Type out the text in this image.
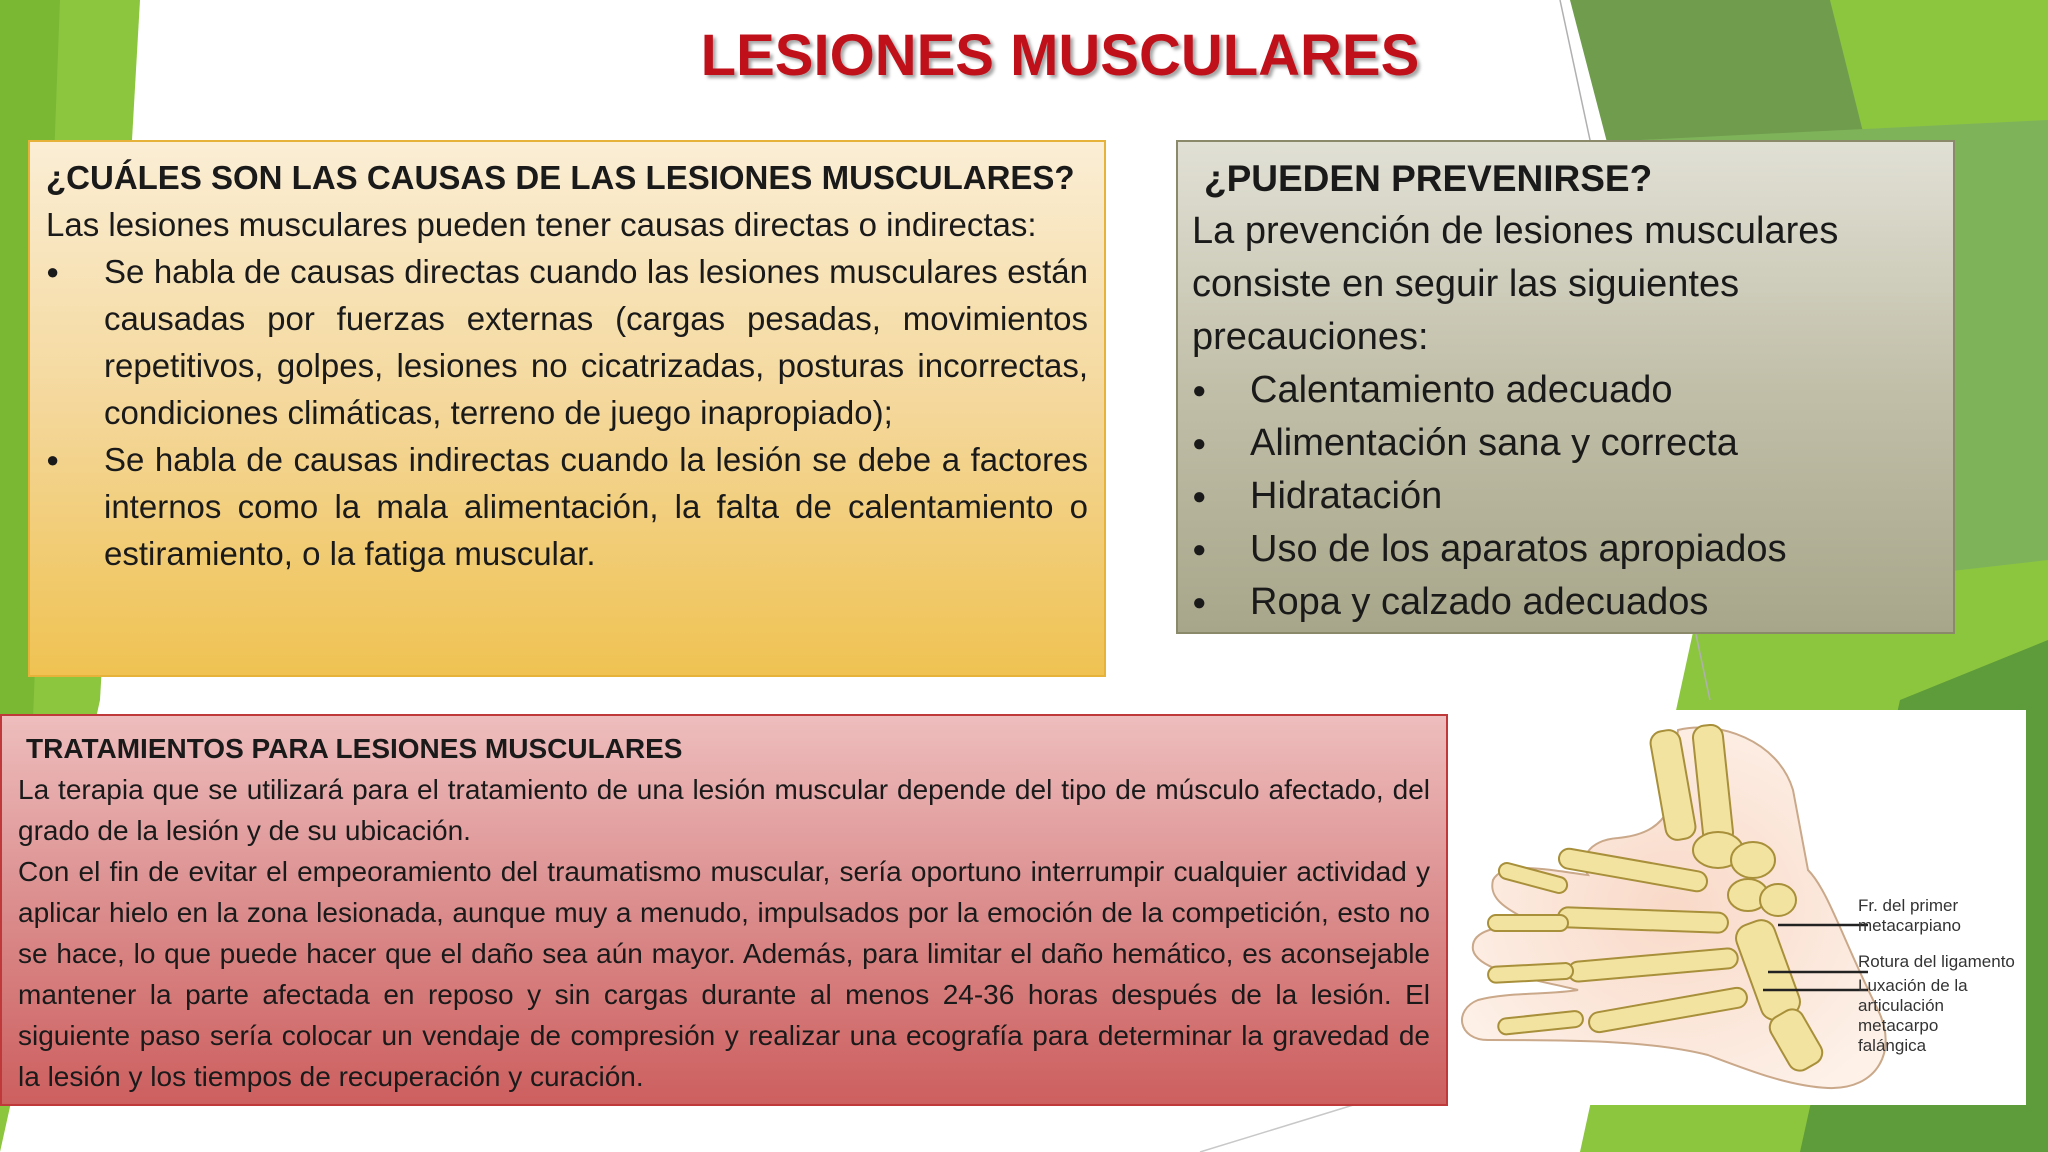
LESIONES MUSCULARES
¿CUÁLES SON LAS CAUSAS DE LAS LESIONES MUSCULARES?
Las lesiones musculares pueden tener causas directas o indirectas:
● Se habla de causas directas cuando las lesiones musculares están causadas por fuerzas externas (cargas pesadas, movimientos repetitivos, golpes, lesiones no cicatrizadas, posturas incorrectas, condiciones climáticas, terreno de juego inapropiado);
● Se habla de causas indirectas cuando la lesión se debe a factores internos como la mala alimentación, la falta de calentamiento o estiramiento, o la fatiga muscular.
¿PUEDEN PREVENIRSE?
La prevención de lesiones musculares consiste en seguir las siguientes precauciones:
● Calentamiento adecuado
● Alimentación sana y correcta
● Hidratación
● Uso de los aparatos apropiados
● Ropa y calzado adecuados
TRATAMIENTOS PARA LESIONES MUSCULARES

La terapia que se utilizará para el tratamiento de una lesión muscular depende del tipo de músculo afectado, del grado de la lesión y de su ubicación.

Con el fin de evitar el empeoramiento del traumatismo muscular, sería oportuno interrumpir cualquier actividad y aplicar hielo en la zona lesionada, aunque muy a menudo, impulsados por la emoción de la competición, esto no se hace, lo que puede hacer que el daño sea aún mayor. Además, para limitar el daño hemático, es aconsejable mantener la parte afectada en reposo y sin cargas durante al menos 24-36 horas después de la lesión. El siguiente paso sería colocar un vendaje de compresión y realizar una ecografía para determinar la gravedad de la lesión y los tiempos de recuperación y curación.

Fr. del primer metacarpiano
Rotura del ligamento
Luxación de la articulación metacarpo falángica
